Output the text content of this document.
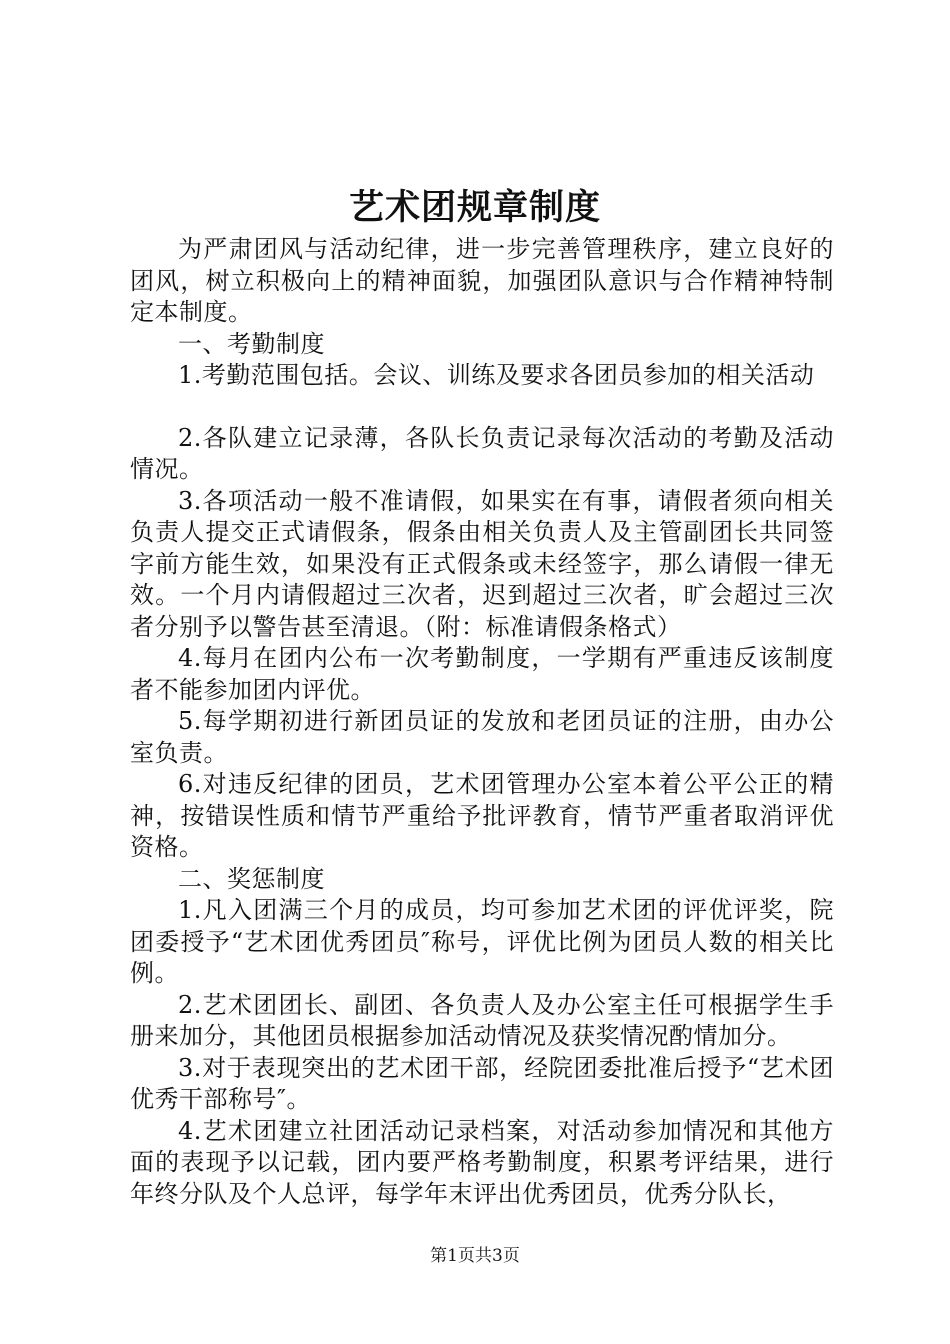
艺术团规章制度

为严肃团风与活动纪律，进一步完善管理秩序，建立良好的团风，树立积极向上的精神面貌，加强团队意识与合作精神特制定本制度。

一、考勤制度

1.考勤范围包括。会议、训练及要求各团员参加的相关活动

2.各队建立记录薄，各队长负责记录每次活动的考勤及活动情况。

3.各项活动一般不准请假，如果实在有事，请假者须向相关负责人提交正式请假条，假条由相关负责人及主管副团长共同签字前方能生效，如果没有正式假条或未经签字，那么请假一律无效。一个月内请假超过三次者，迟到超过三次者，旷会超过三次者分别予以警告甚至清退。（附：标准请假条格式）

4.每月在团内公布一次考勤制度，一学期有严重违反该制度者不能参加团内评优。

5.每学期初进行新团员证的发放和老团员证的注册，由办公室负责。

6.对违反纪律的团员，艺术团管理办公室本着公平公正的精神，按错误性质和情节严重给予批评教育，情节严重者取消评优资格。

二、奖惩制度

1.凡入团满三个月的成员，均可参加艺术团的评优评奖，院团委授予“艺术团优秀团员″称号，评优比例为团员人数的相关比例。

2.艺术团团长、副团、各负责人及办公室主任可根据学生手册来加分，其他团员根据参加活动情况及获奖情况酌情加分。

3.对于表现突出的艺术团干部，经院团委批准后授予“艺术团优秀干部称号″。

4.艺术团建立社团活动记录档案，对活动参加情况和其他方面的表现予以记载，团内要严格考勤制度，积累考评结果，进行年终分队及个人总评，每学年末评出优秀团员，优秀分队长，

第1页共3页
